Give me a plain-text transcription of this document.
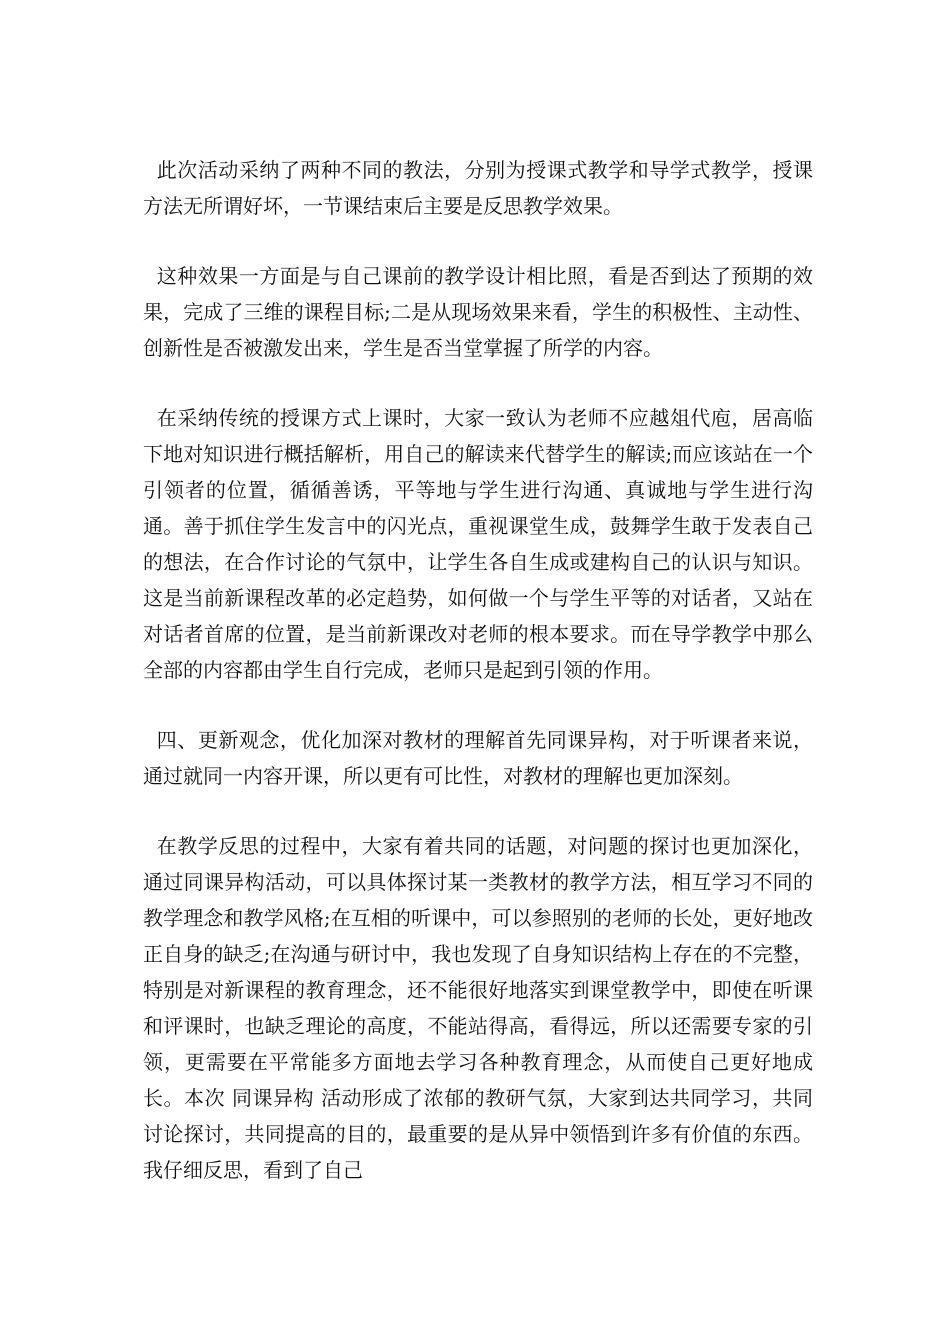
此次活动采纳了两种不同的教法，分别为授课式教学和导学式教学，授课方法无所谓好坏，一节课结束后主要是反思教学效果。

这种效果一方面是与自己课前的教学设计相比照，看是否到达了预期的效果，完成了三维的课程目标;二是从现场效果来看，学生的积极性、主动性、创新性是否被激发出来，学生是否当堂掌握了所学的内容。

在采纳传统的授课方式上课时，大家一致认为老师不应越俎代庖，居高临下地对知识进行概括解析，用自己的解读来代替学生的解读;而应该站在一个引领者的位置，循循善诱，平等地与学生进行沟通、真诚地与学生进行沟通。善于抓住学生发言中的闪光点，重视课堂生成，鼓舞学生敢于发表自己的想法，在合作讨论的气氛中，让学生各自生成或建构自己的认识与知识。这是当前新课程改革的必定趋势，如何做一个与学生平等的对话者，又站在对话者首席的位置，是当前新课改对老师的根本要求。而在导学教学中那么全部的内容都由学生自行完成，老师只是起到引领的作用。

四、更新观念，优化加深对教材的理解首先同课异构，对于听课者来说，通过就同一内容开课，所以更有可比性，对教材的理解也更加深刻。

在教学反思的过程中，大家有着共同的话题，对问题的探讨也更加深化，通过同课异构活动，可以具体探讨某一类教材的教学方法，相互学习不同的教学理念和教学风格;在互相的听课中，可以参照别的老师的长处，更好地改正自身的缺乏;在沟通与研讨中，我也发现了自身知识结构上存在的不完整，特别是对新课程的教育理念，还不能很好地落实到课堂教学中，即使在听课和评课时，也缺乏理论的高度，不能站得高，看得远，所以还需要专家的引领，更需要在平常能多方面地去学习各种教育理念，从而使自己更好地成长。本次 同课异构 活动形成了浓郁的教研气氛，大家到达共同学习，共同讨论探讨，共同提高的目的，最重要的是从异中领悟到许多有价值的东西。我仔细反思，看到了自己
